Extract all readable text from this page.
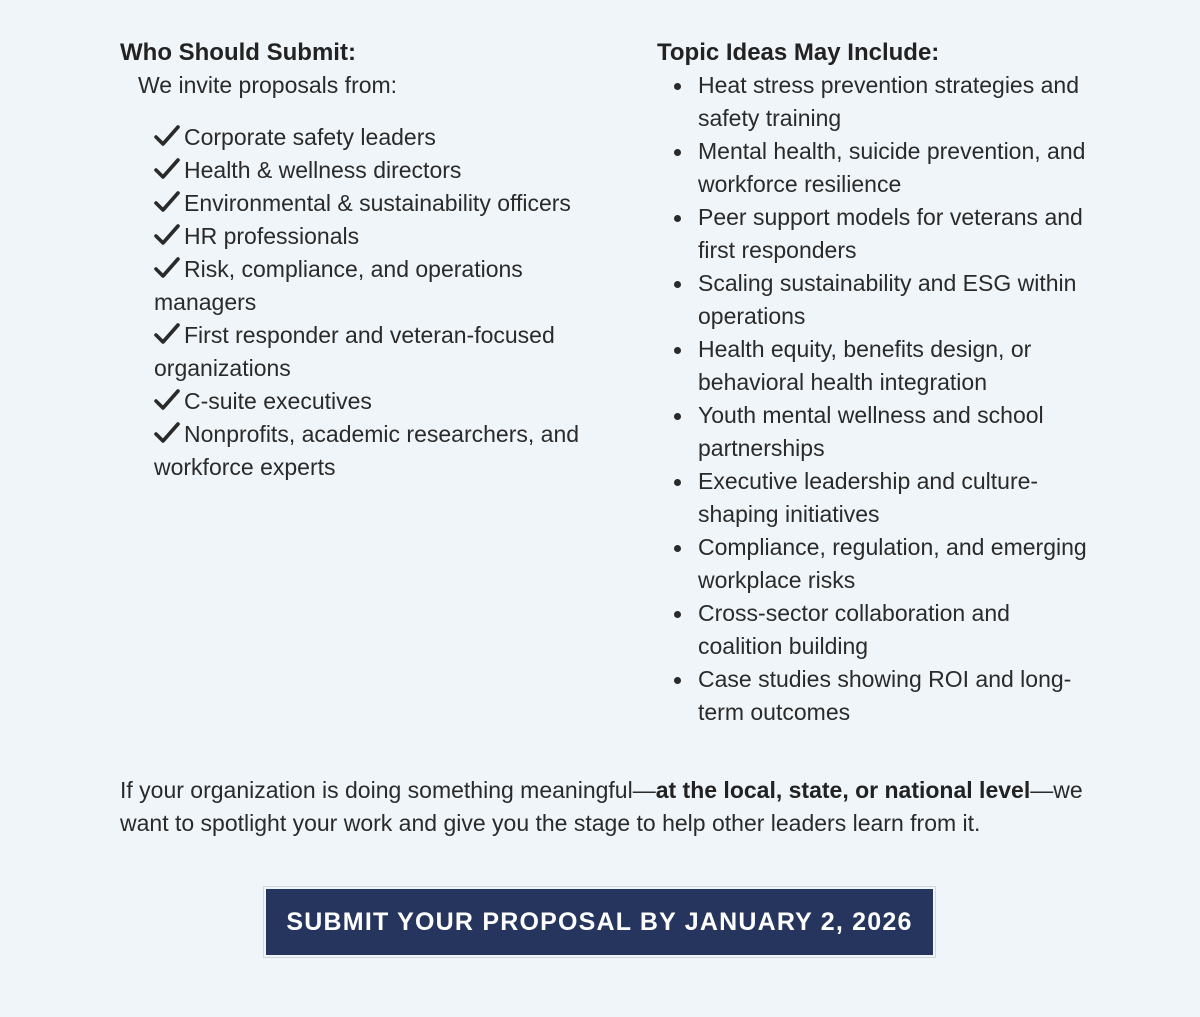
Who Should Submit:

We invite proposals from:

Corporate safety leaders
Health & wellness directors
Environmental & sustainability officers
HR professionals
Risk, compliance, and operations managers
First responder and veteran-focused organizations
C-suite executives
Nonprofits, academic researchers, and workforce experts
Topic Ideas May Include:
Heat stress prevention strategies and safety training
Mental health, suicide prevention, and workforce resilience
Peer support models for veterans and first responders
Scaling sustainability and ESG within operations
Health equity, benefits design, or behavioral health integration
Youth mental wellness and school partnerships
Executive leadership and culture-shaping initiatives
Compliance, regulation, and emerging workplace risks
Cross-sector collaboration and coalition building
Case studies showing ROI and long-term outcomes

If your organization is doing something meaningful—at the local, state, or national level—we want to spotlight your work and give you the stage to help other leaders learn from it.

SUBMIT YOUR PROPOSAL BY JANUARY 2, 2026
